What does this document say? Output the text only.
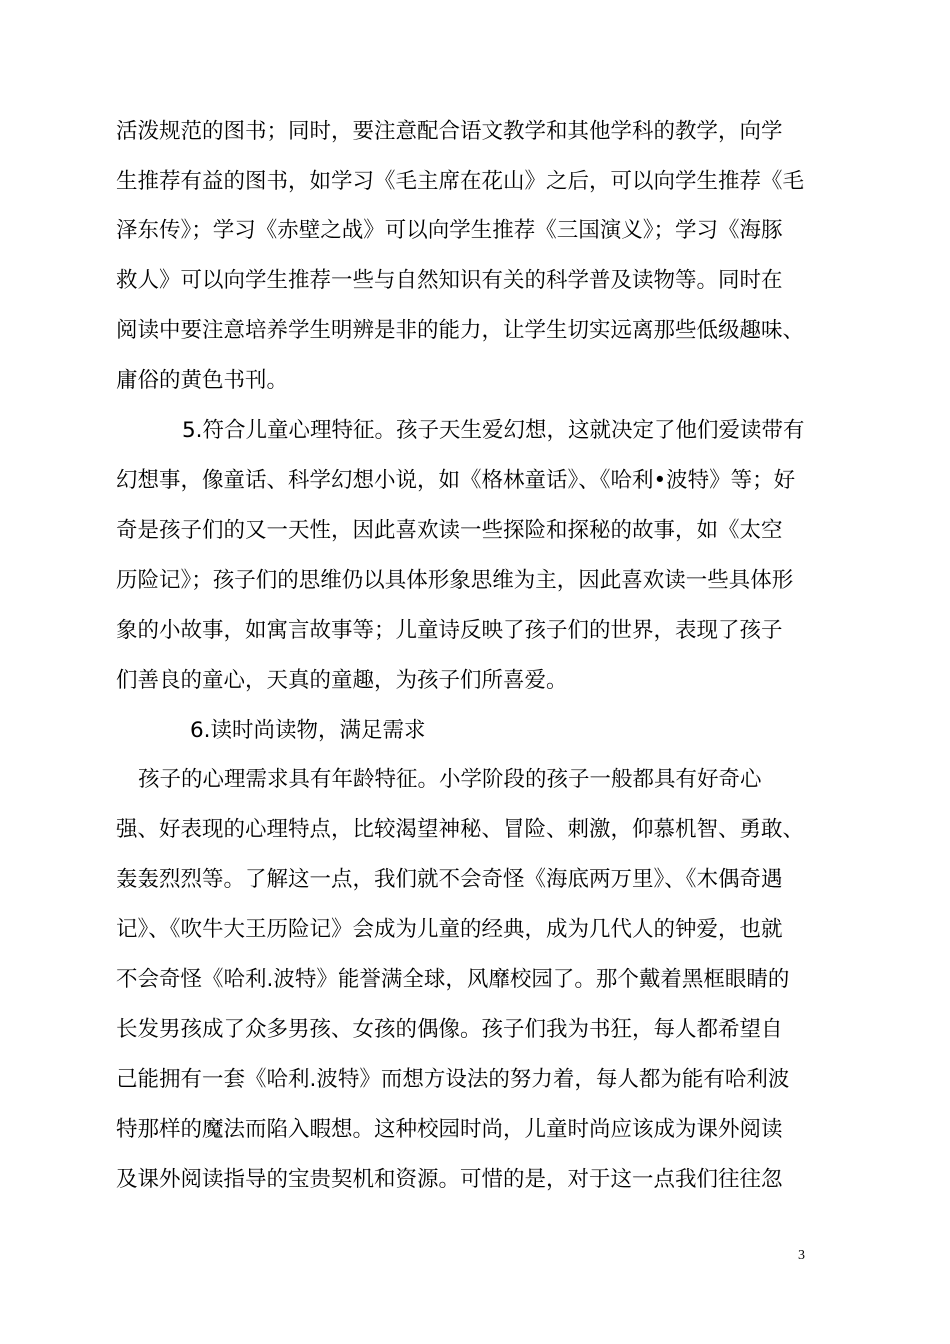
活泼规范的图书；同时，要注意配合语文教学和其他学科的教学，向学
生推荐有益的图书，如学习《毛主席在花山》之后，可以向学生推荐《毛
泽东传》；学习《赤壁之战》可以向学生推荐《三国演义》；学习《海豚
救人》可以向学生推荐一些与自然知识有关的科学普及读物等。同时在
阅读中要注意培养学生明辨是非的能力，让学生切实远离那些低级趣味、
庸俗的黄色书刊。
5.符合儿童心理特征。孩子天生爱幻想，这就决定了他们爱读带有
幻想事，像童话、科学幻想小说，如《格林童话》、《哈利•波特》等；好
奇是孩子们的又一天性，因此喜欢读一些探险和探秘的故事，如《太空
历险记》；孩子们的思维仍以具体形象思维为主，因此喜欢读一些具体形
象的小故事，如寓言故事等；儿童诗反映了孩子们的世界，表现了孩子
们善良的童心，天真的童趣，为孩子们所喜爱。
6.读时尚读物，满足需求
孩子的心理需求具有年龄特征。小学阶段的孩子一般都具有好奇心
强、好表现的心理特点，比较渴望神秘、冒险、刺激，仰慕机智、勇敢、
轰轰烈烈等。了解这一点，我们就不会奇怪《海底两万里》、《木偶奇遇
记》、《吹牛大王历险记》会成为儿童的经典，成为几代人的钟爱，也就
不会奇怪《哈利.波特》能誉满全球，风靡校园了。那个戴着黑框眼睛的
长发男孩成了众多男孩、女孩的偶像。孩子们我为书狂，每人都希望自
己能拥有一套《哈利.波特》而想方设法的努力着，每人都为能有哈利波
特那样的魔法而陷入暇想。这种校园时尚，儿童时尚应该成为课外阅读
及课外阅读指导的宝贵契机和资源。可惜的是，对于这一点我们往往忽
3
